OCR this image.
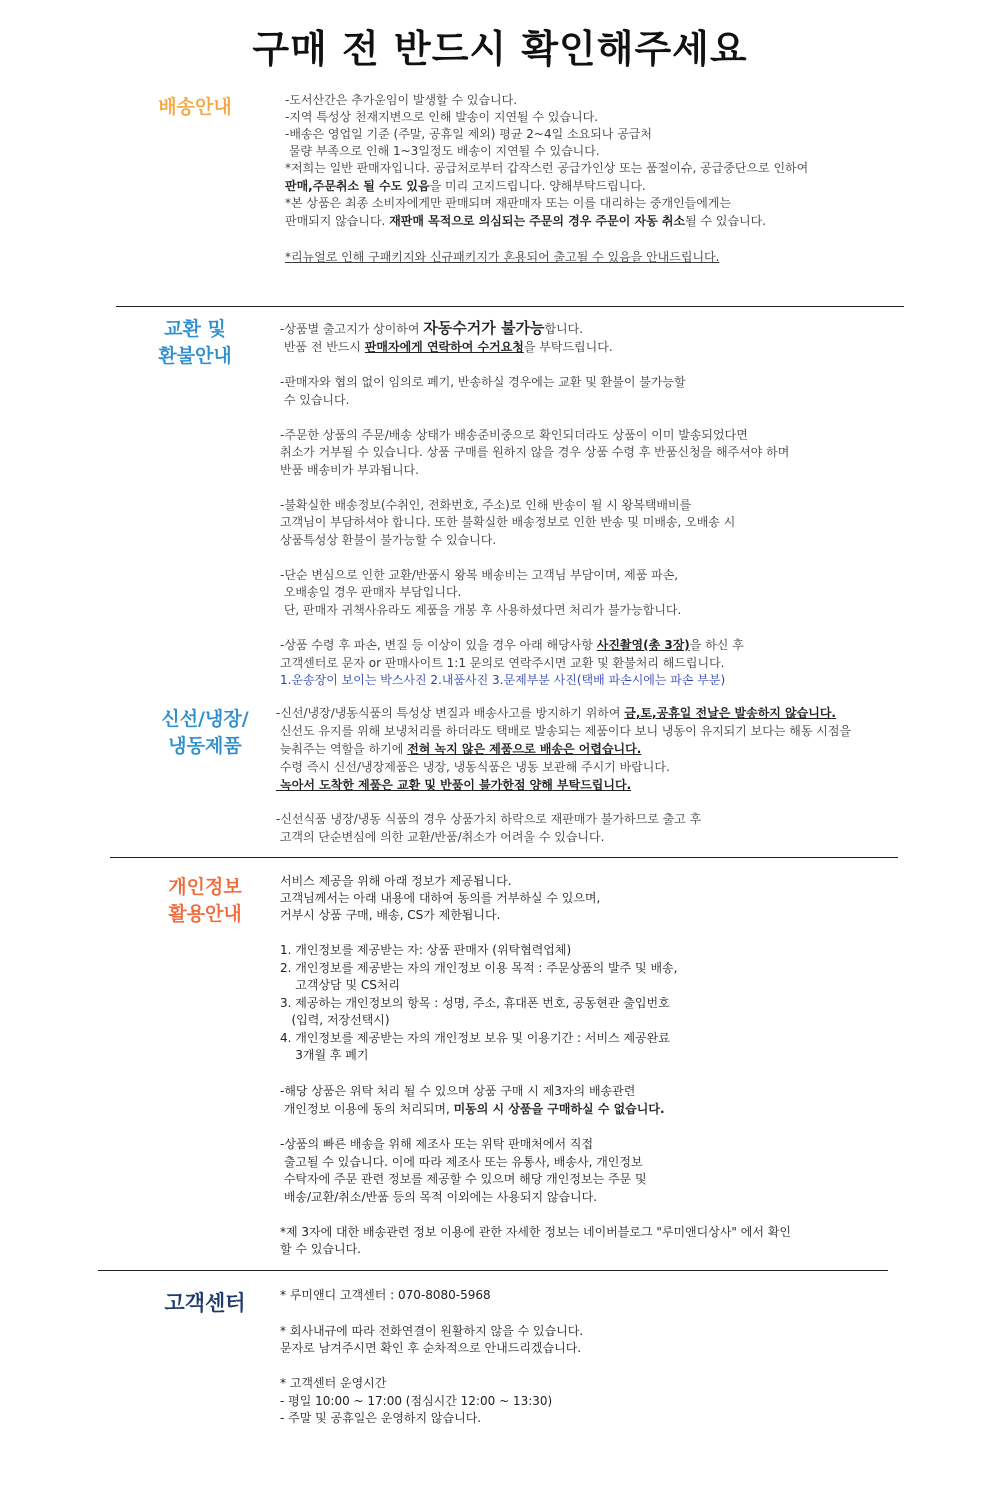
구매 전 반드시 확인해주세요
배송안내	-도서산간은 추가운임이 발생할 수 있습니다.
-지역 특성상 천재지변으로 인해 발송이 지연될 수 있습니다.
-배송은 영업일 기준 (주말, 공휴일 제외) 평균 2~4일 소요되나 공급처
물량 부족으로 인해 1~3일정도 배송이 지연될 수 있습니다.
*저희는 일반 판매자입니다. 공급처로부터 갑작스런 공급가인상 또는 품절이슈, 공급중단으로 인하여
판매,주문취소 될 수도 있음을 미리 고지드립니다. 양해부탁드립니다.
*본 상품은 최종 소비자에게만 판매되며 재판매자 또는 이를 대리하는 중개인들에게는
판매되지 않습니다. 재판매 목적으로 의심되는 주문의 경우 주문이 자동 취소될 수 있습니다.
*리뉴얼로 인해 구패키지와 신규패키지가 혼용되어 출고될 수 있음을 안내드립니다.
교환 및
환불안내
-상품별 출고지가 상이하여 자동수거가 불가능합니다.
반품 전 반드시 판매자에게 연락하여 수거요청을 부탁드립니다.
-판매자와 협의 없이 임의로 폐기, 반송하실 경우에는 교환 및 환불이 불가능할
수 있습니다.
-주문한 상품의 주문/배송 상태가 배송준비중으로 확인되더라도 상품이 이미 발송되었다면
취소가 거부될 수 있습니다. 상품 구매를 원하지 않을 경우 상품 수령 후 반품신청을 해주셔야 하며
반품 배송비가 부과됩니다.
-불확실한 배송정보(수취인, 전화번호, 주소)로 인해 반송이 될 시 왕복택배비를
고객님이 부담하셔야 합니다. 또한 불확실한 배송정보로 인한 반송 및 미배송, 오배송 시
상품특성상 환불이 불가능할 수 있습니다.
-단순 변심으로 인한 교환/반품시 왕복 배송비는 고객님 부담이며, 제품 파손,
오배송일 경우 판매자 부담입니다.
단, 판매자 귀책사유라도 제품을 개봉 후 사용하셨다면 처리가 불가능합니다.
-상품 수령 후 파손, 변질 등 이상이 있을 경우 아래 해당사항 사진촬영(총 3장)을 하신 후
고객센터로 문자 or 판매사이트 1:1 문의로 연락주시면 교환 및 환불처리 해드립니다.
1.운송장이 보이는 박스사진 2.내품사진 3.문제부분 사진(택배 파손시에는 파손 부분)
신선/냉장/
냉동제품
-신선/냉장/냉동식품의 특성상 변질과 배송사고를 방지하기 위하여 금,토,공휴일 전날은 발송하지 않습니다.
신선도 유지를 위해 보냉처리를 하더라도 택배로 발송되는 제품이다 보니 냉동이 유지되기 보다는 해동 시점을
늦춰주는 역할을 하기에 전혀 녹지 않은 제품으로 배송은 어렵습니다.
수령 즉시 신선/냉장제품은 냉장, 냉동식품은 냉동 보관해 주시기 바랍니다.
녹아서 도착한 제품은 교환 및 반품이 불가한점 양해 부탁드립니다.
-신선식품 냉장/냉동 식품의 경우 상품가치 하락으로 재판매가 불가하므로 출고 후
고객의 단순변심에 의한 교환/반품/취소가 어려울 수 있습니다.
개인정보
활용안내
서비스 제공을 위해 아래 정보가 제공됩니다.
고객님께서는 아래 내용에 대하여 동의를 거부하실 수 있으며,
거부시 상품 구매, 배송, CS가 제한됩니다.
1. 개인정보를 제공받는 자: 상품 판매자 (위탁협력업체)
2. 개인정보를 제공받는 자의 개인정보 이용 목적 : 주문상품의 발주 및 배송,
고객상담 및 CS처리
3. 제공하는 개인정보의 항목 : 성명, 주소, 휴대폰 번호, 공동현관 출입번호
(입력, 저장선택시)
4. 개인정보를 제공받는 자의 개인정보 보유 및 이용기간 : 서비스 제공완료
3개월 후 폐기
-해당 상품은 위탁 처리 될 수 있으며 상품 구매 시 제3자의 배송관련
개인정보 이용에 동의 처리되며, 미동의 시 상품을 구매하실 수 없습니다.
-상품의 빠른 배송을 위해 제조사 또는 위탁 판매처에서 직접
출고될 수 있습니다. 이에 따라 제조사 또는 유통사, 배송사, 개인정보
수탁자에 주문 관련 정보를 제공할 수 있으며 해당 개인정보는 주문 및
배송/교환/취소/반품 등의 목적 이외에는 사용되지 않습니다.
*제 3자에 대한 배송관련 정보 이용에 관한 자세한 정보는 네이버블로그 "루미앤디상사" 에서 확인
할 수 있습니다.
고객센터	* 루미앤디 고객센터 : 070-8080-5968
* 회사내규에 따라 전화연결이 원활하지 않을 수 있습니다.
문자로 남겨주시면 확인 후 순차적으로 안내드리겠습니다.
* 고객센터 운영시간
- 평일 10:00 ~ 17:00 (점심시간 12:00 ~ 13:30)
- 주말 및 공휴일은 운영하지 않습니다.
